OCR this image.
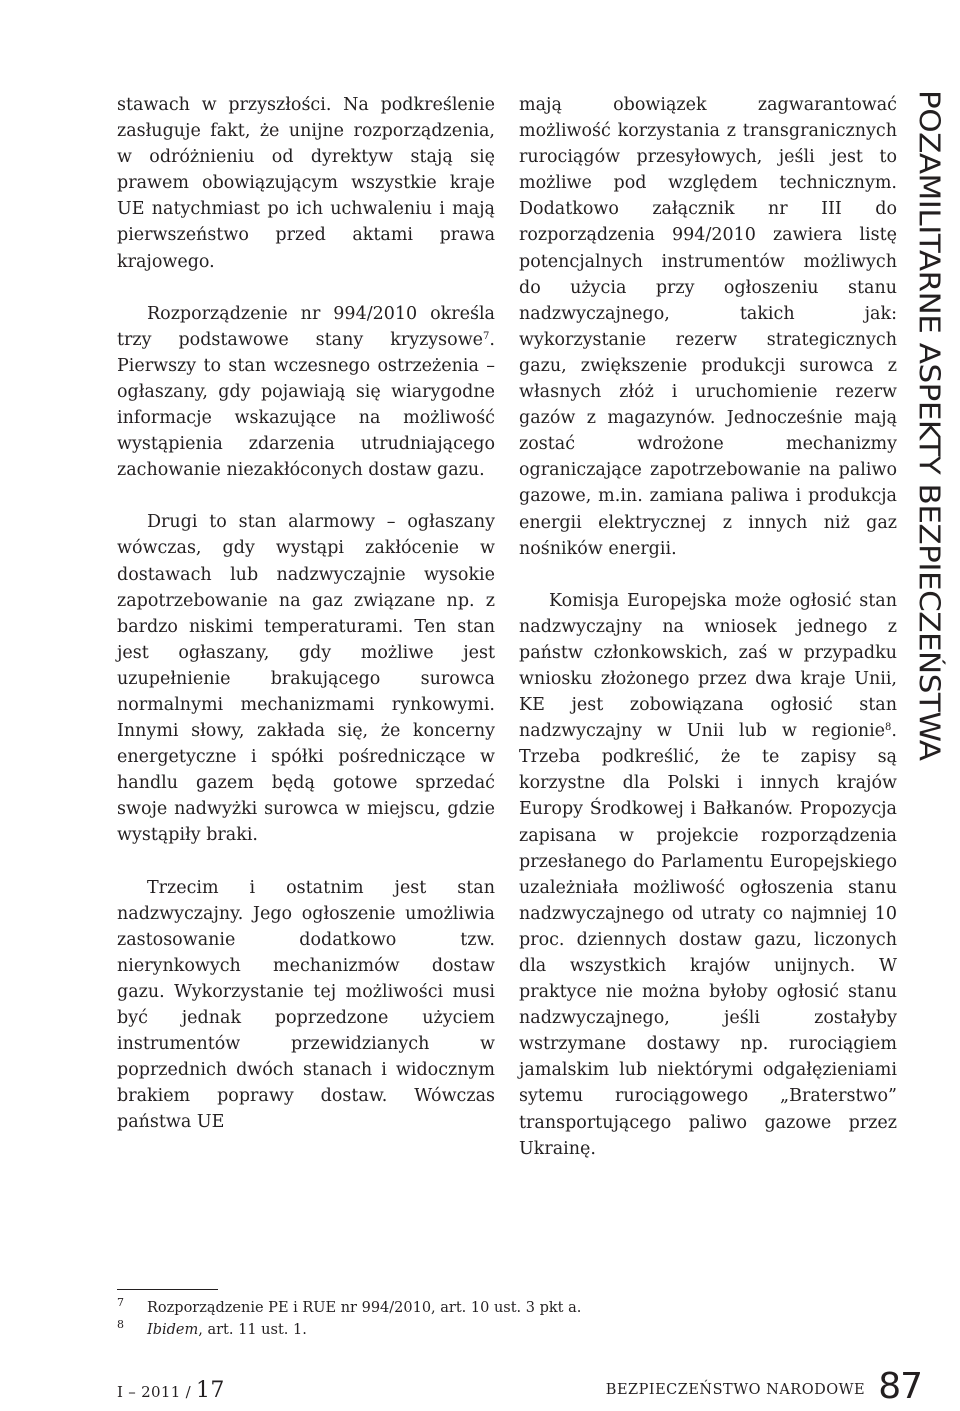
POZAMILITARNE ASPEKTY BEZPIECZEŃSTWA

stawach w przyszłości. Na podkreślenie zasługuje fakt, że unijne rozporządzenia, w odróżnieniu od dyrektyw stają się prawem obowiązującym wszystkie kraje UE natychmiast po ich uchwaleniu i mają pierwszeństwo przed aktami prawa krajowego.

Rozporządzenie nr 994/2010 określa trzy podstawowe stany kryzysowe$^7$. Pierwszy to stan wczesnego ostrzeżenia – ogłaszany, gdy pojawiają się wiarygodne informacje wskazujące na możliwość wystąpienia zdarzenia utrudniającego zachowanie niezakłóconych dostaw gazu.

Drugi to stan alarmowy – ogłaszany wówczas, gdy wystąpi zakłócenie w dostawach lub nadzwyczajnie wysokie zapotrzebowanie na gaz związane np. z bardzo niskimi temperaturami. Ten stan jest ogłaszany, gdy możliwe jest uzupełnienie brakującego surowca normalnymi mechanizmami rynkowymi. Innymi słowy, zakłada się, że koncerny energetyczne i spółki pośredniczące w handlu gazem będą gotowe sprzedać swoje nadwyżki surowca w miejscu, gdzie wystąpiły braki.

Trzecim i ostatnim jest stan nadzwyczajny. Jego ogłoszenie umożliwia zastosowanie dodatkowo tzw. nierynkowych mechanizmów dostaw gazu. Wykorzystanie tej możliwości musi być jednak poprzedzone użyciem instrumentów przewidzianych w poprzednich dwóch stanach i widocznym brakiem poprawy dostaw. Wówczas państwa UE

mają obowiązek zagwarantować możliwość korzystania z transgranicznych rurociągów przesyłowych, jeśli jest to możliwe pod względem technicznym. Dodatkowo załącznik nr III do rozporządzenia 994/2010 zawiera listę potencjalnych instrumentów możliwych do użycia przy ogłoszeniu stanu nadzwyczajnego, takich jak: wykorzystanie rezerw strategicznych gazu, zwiększenie produkcji surowca z własnych złóż i uruchomienie rezerw gazów z magazynów. Jednocześnie mają zostać wdrożone mechanizmy ograniczające zapotrzebowanie na paliwo gazowe, m.in. zamiana paliwa i produkcja energii elektrycznej z innych niż gaz nośników energii.

Komisja Europejska może ogłosić stan nadzwyczajny na wniosek jednego z państw członkowskich, zaś w przypadku wniosku złożonego przez dwa kraje Unii, KE jest zobowiązana ogłosić stan nadzwyczajny w Unii lub w regionie$^8$. Trzeba podkreślić, że te zapisy są korzystne dla Polski i innych krajów Europy Środkowej i Bałkanów. Propozycja zapisana w projekcie rozporządzenia przesłanego do Parlamentu Europejskiego uzależniała możliwość ogłoszenia stanu nadzwyczajnego od utraty co najmniej 10 proc. dziennych dostaw gazu, liczonych dla wszystkich krajów unijnych. W praktyce nie można byłoby ogłosić stanu nadzwyczajnego, jeśli zostałyby wstrzymane dostawy np. rurociągiem jamalskim lub niektórymi odgałęzieniami sytemu rurociągowego „Braterstwo” transportującego paliwo gazowe przez Ukrainę.

7 Rozporządzenie PE i RUE nr 994/2010, art. 10 ust. 3 pkt a.
8 Ibidem, art. 11 ust. 1.
I – 2011 / 17	BEZPIECZEŃSTWO NARODOWE 87
